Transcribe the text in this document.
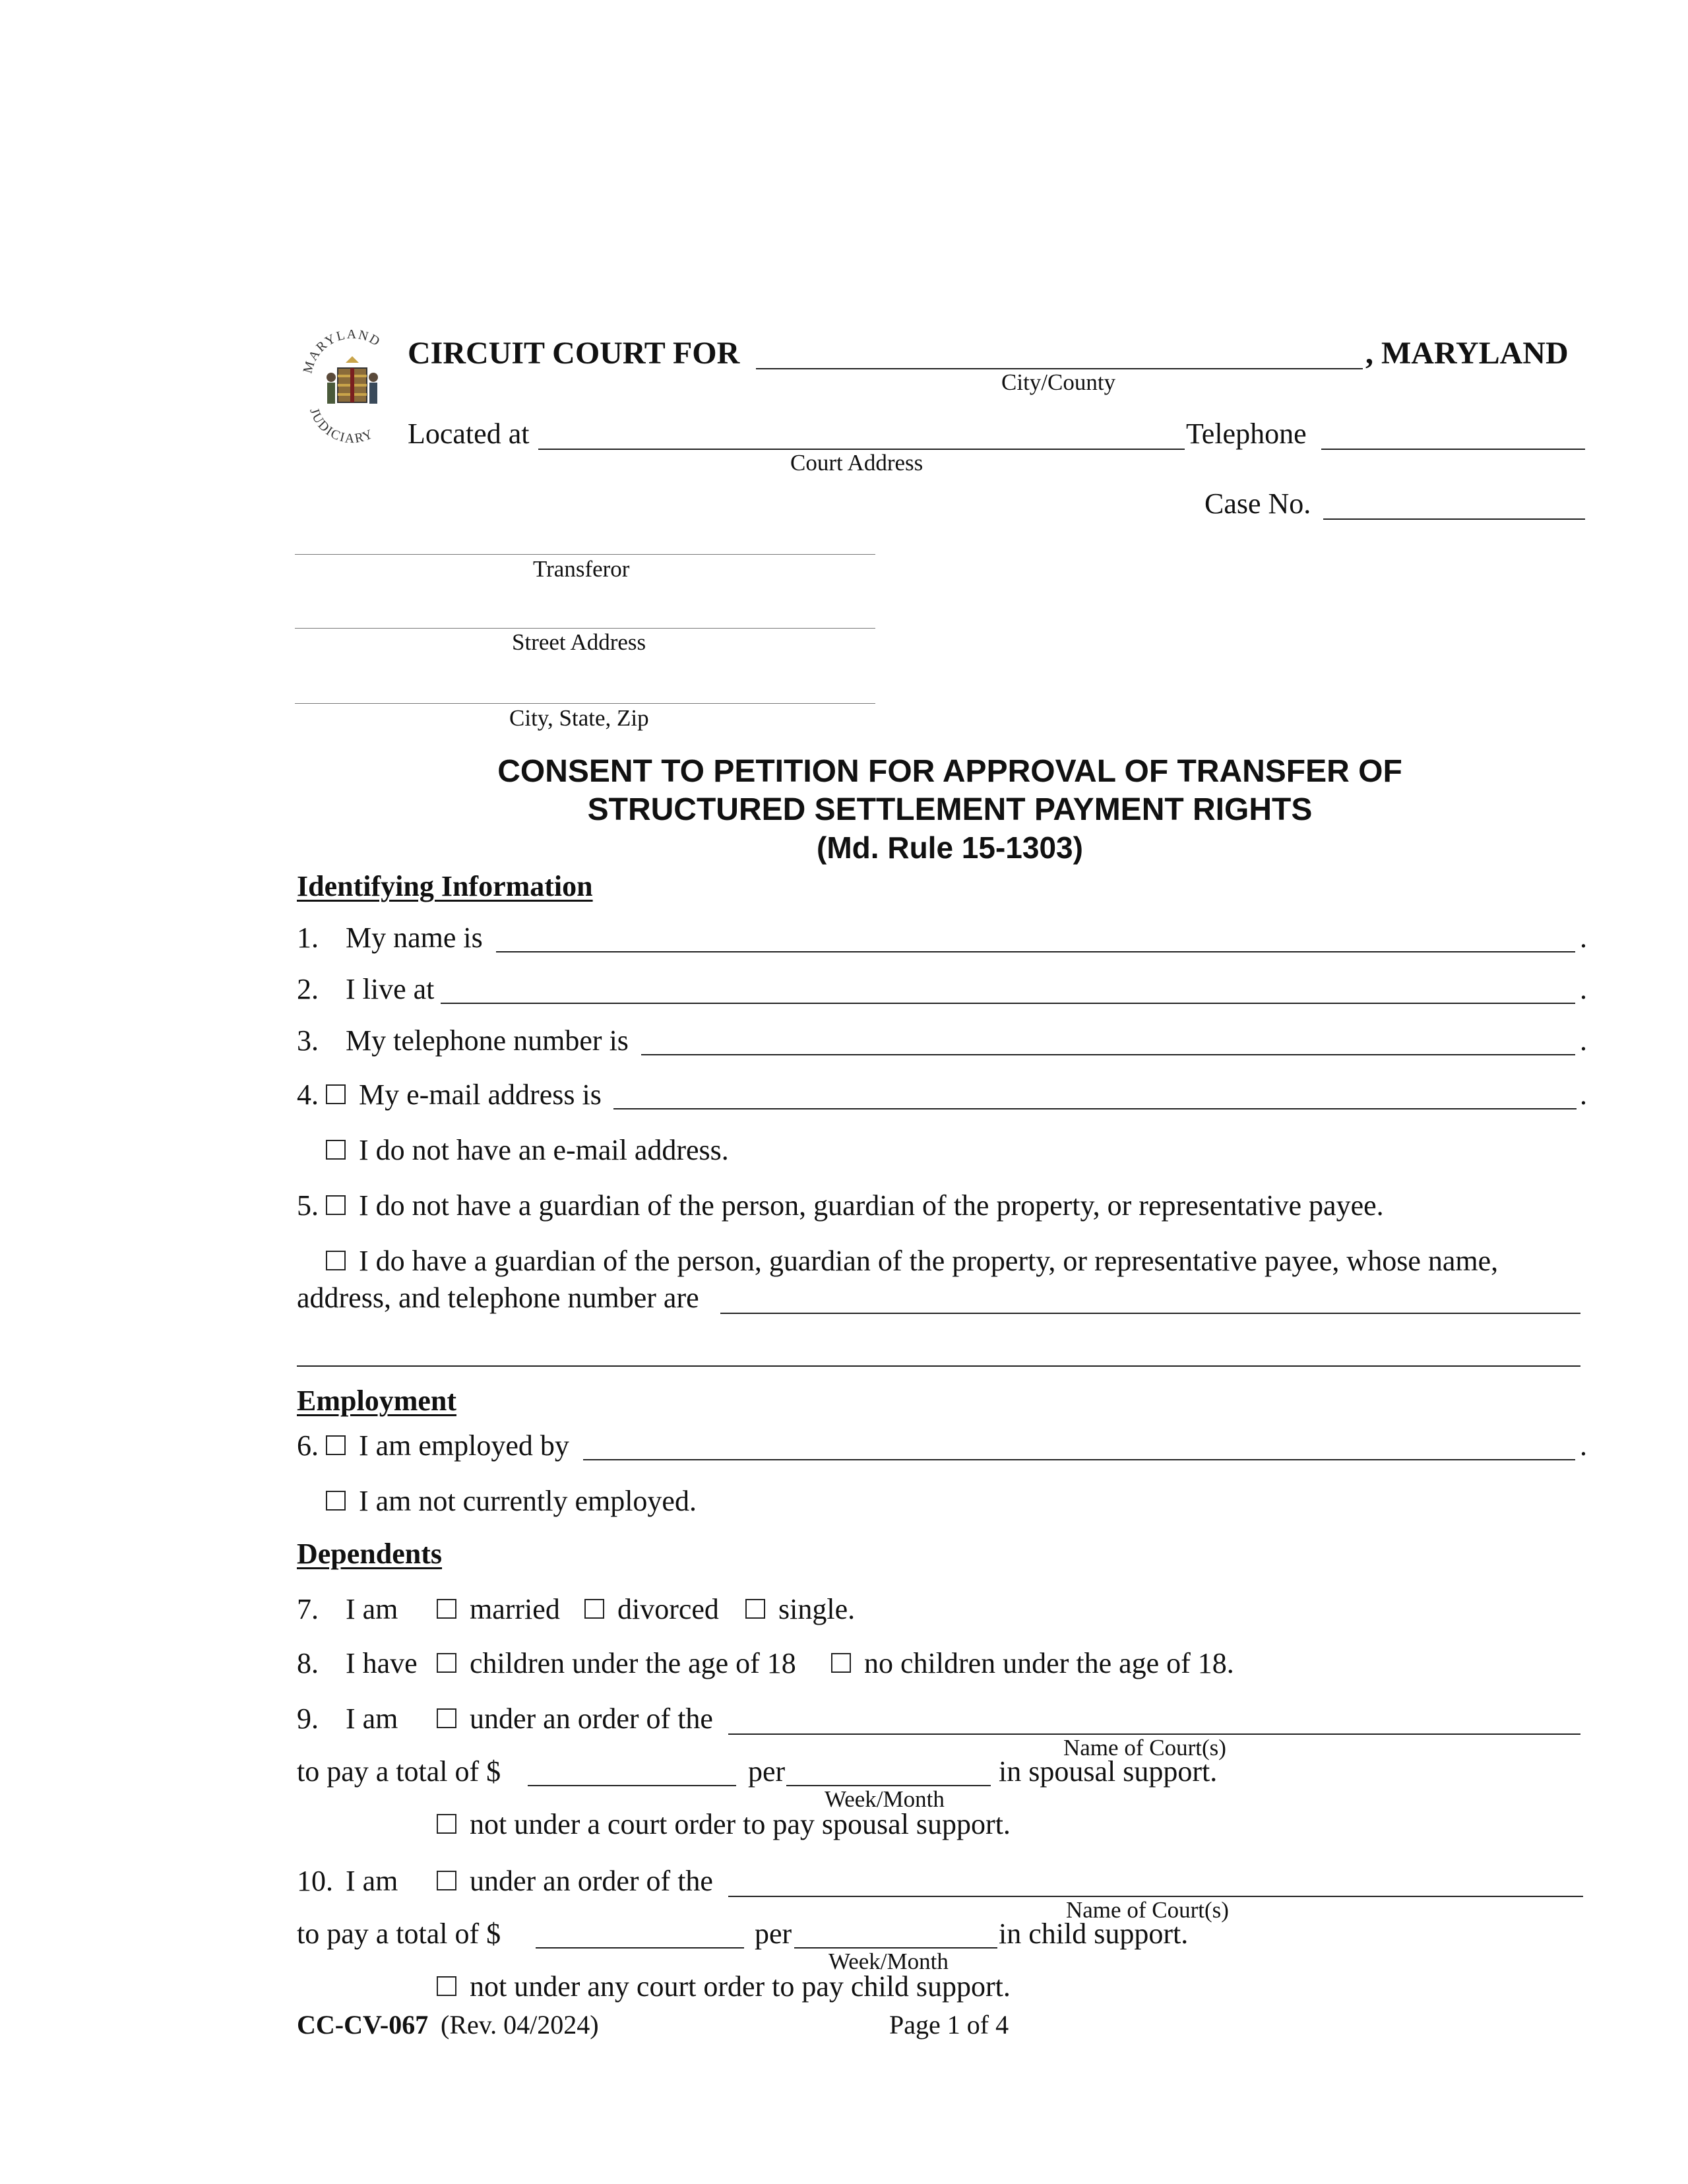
MARYLAND
JUDICIARY
CIRCUIT COURT FOR	, MARYLAND
City/County
Located at	Telephone
Court Address
Case No.
Transferor
Street Address
City, State, Zip
CONSENT TO PETITION FOR APPROVAL OF TRANSFER OF
STRUCTURED SETTLEMENT PAYMENT RIGHTS
(Md. Rule 15-1303)
Identifying Information
1. My name is	.
2. I live at	.
3. My telephone number is	.
4. My e-mail address is	.
I do not have an e-mail address.
5. I do not have a guardian of the person, guardian of the property, or representative payee.
I do have a guardian of the person, guardian of the property, or representative payee, whose name,
address, and telephone number are
Employment
6. I am employed by	.
I am not currently employed.
Dependents
7. I am married divorced single.
8. I have children under the age of 18 no children under the age of 18.
9. I am under an order of the
Name of Court(s)
to pay a total of $	per	in spousal support.
Week/Month
not under a court order to pay spousal support.
10. I am under an order of the
Name of Court(s)
to pay a total of $	per	in child support.
Week/Month
not under any court order to pay child support.
CC-CV-067 (Rev. 04/2024)	Page 1 of 4
